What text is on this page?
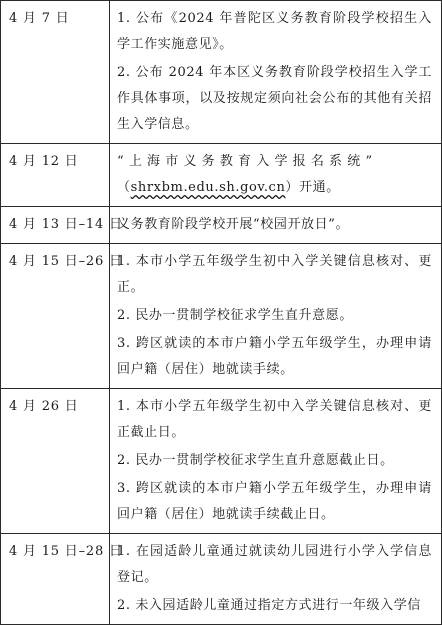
4 月 7 日	1. 公布《2024 年普陀区义务教育阶段学校招生入学工作实施意见》。
2. 公布 2024 年本区义务教育阶段学校招生入学工作具体事项，以及按规定须向社会公布的其他有关招生入学信息。

4 月 12 日	“上海市义务教育入学报名系统”
（shrxbm.edu.sh.gov.cn）开通。
4 月 13 日–14 日	义务教育阶段学校开展“校园开放日”。

4 月 15 日–26 日	1. 本市小学五年级学生初中入学关键信息核对、更正。
2. 民办一贯制学校征求学生直升意愿。
3. 跨区就读的本市户籍小学五年级学生，办理申请回户籍（居住）地就读手续。

4 月 26 日	1. 本市小学五年级学生初中入学关键信息核对、更正截止日。
2. 民办一贯制学校征求学生直升意愿截止日。
3. 跨区就读的本市户籍小学五年级学生，办理申请回户籍（居住）地就读手续截止日。

4 月 15 日–28 日	1. 在园适龄儿童通过就读幼儿园进行小学入学信息登记。
2. 未入园适龄儿童通过指定方式进行一年级入学信
